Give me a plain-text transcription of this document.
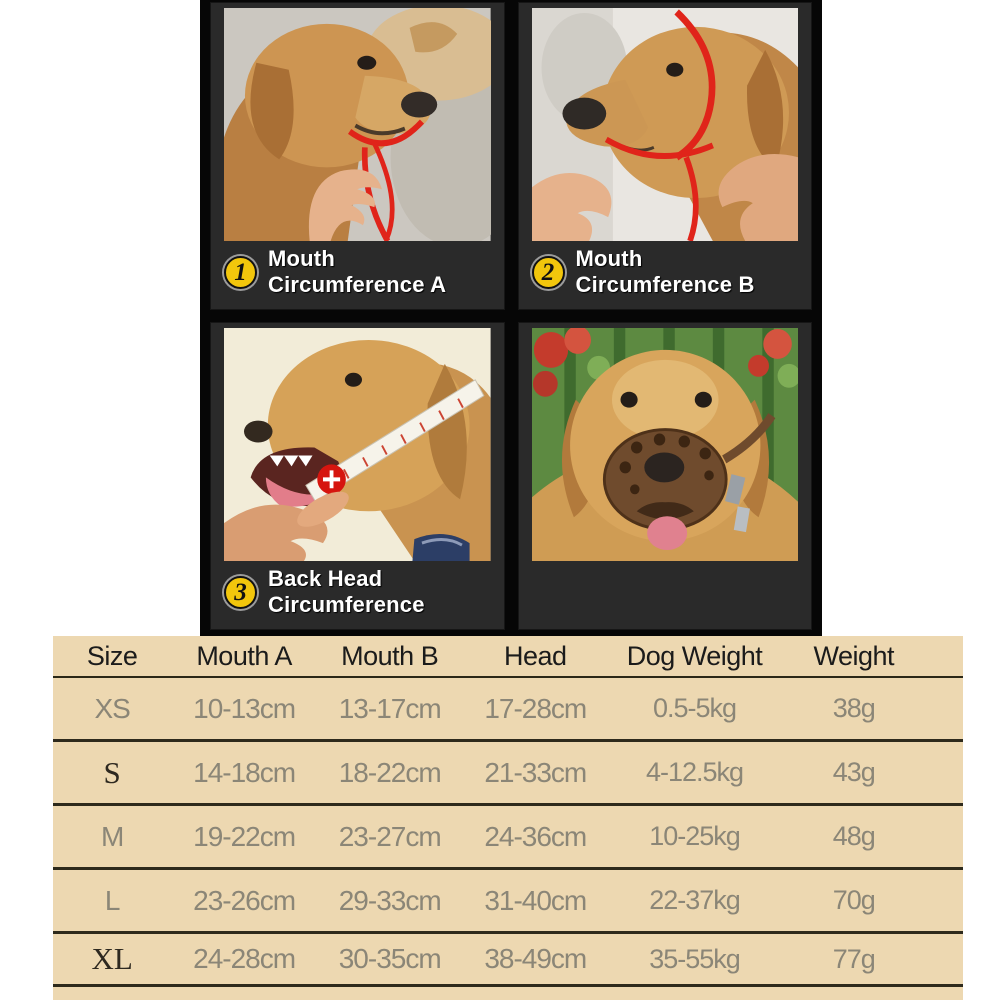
1 Mouth
Circumference A	2 Mouth
Circumference B
3 Back Head
Circumference
Size	Mouth A	Mouth B	Head	Dog Weight	Weight
XS	10-13cm	13-17cm	17-28cm	0.5-5kg	38g
S	14-18cm	18-22cm	21-33cm	4-12.5kg	43g
M	19-22cm	23-27cm	24-36cm	10-25kg	48g
L	23-26cm	29-33cm	31-40cm	22-37kg	70g
XL	24-28cm	30-35cm	38-49cm	35-55kg	77g
